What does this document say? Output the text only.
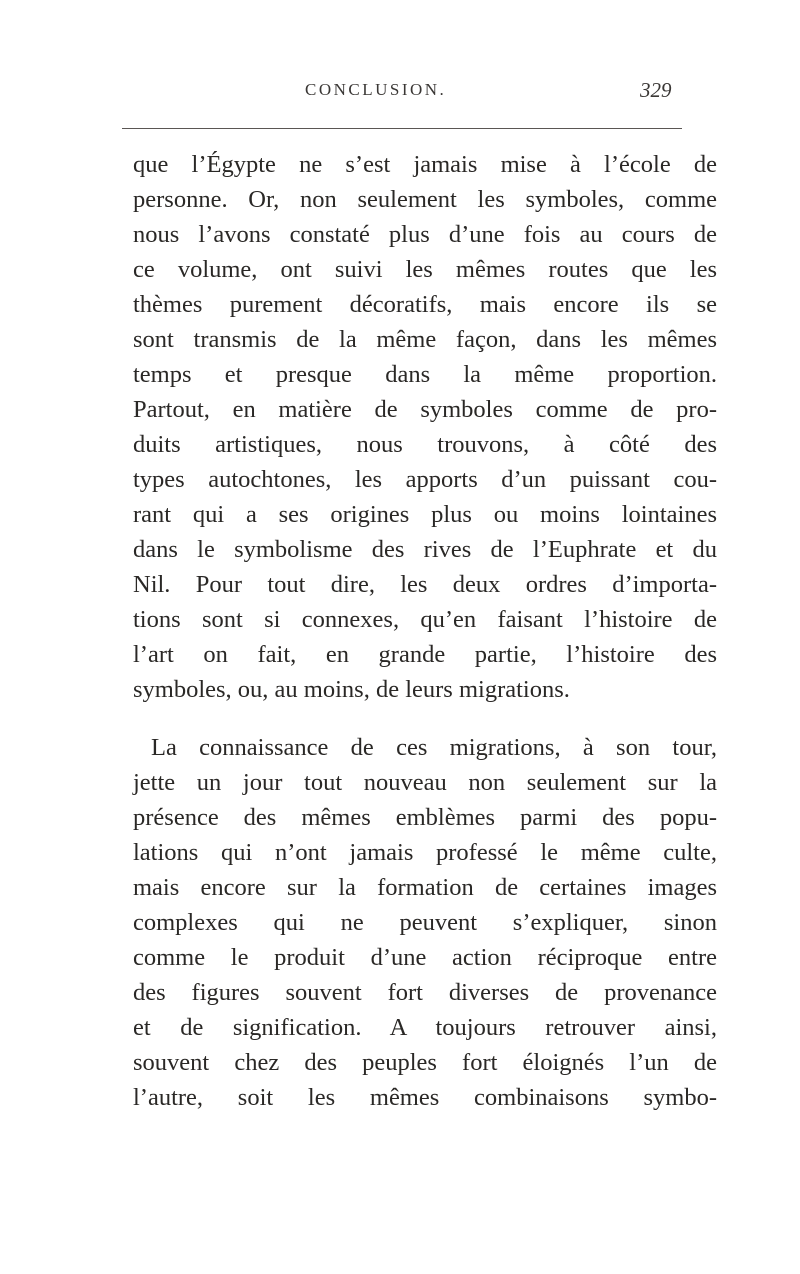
CONCLUSION.	329
que l’Égypte ne s’est jamais mise à l’école de
personne. Or, non seulement les symboles, comme
nous l’avons constaté plus d’une fois au cours de
ce volume, ont suivi les mêmes routes que les
thèmes purement décoratifs, mais encore ils se
sont transmis de la même façon, dans les mêmes
temps et presque dans la même proportion.
Partout, en matière de symboles comme de pro-
duits artistiques, nous trouvons, à côté des
types autochtones, les apports d’un puissant cou-
rant qui a ses origines plus ou moins lointaines
dans le symbolisme des rives de l’Euphrate et du
Nil. Pour tout dire, les deux ordres d’importa-
tions sont si connexes, qu’en faisant l’histoire de
l’art on fait, en grande partie, l’histoire des
symboles, ou, au moins, de leurs migrations.
La connaissance de ces migrations, à son tour,
jette un jour tout nouveau non seulement sur la
présence des mêmes emblèmes parmi des popu-
lations qui n’ont jamais professé le même culte,
mais encore sur la formation de certaines images
complexes qui ne peuvent s’expliquer, sinon
comme le produit d’une action réciproque entre
des figures souvent fort diverses de provenance
et de signification. A toujours retrouver ainsi,
souvent chez des peuples fort éloignés l’un de
l’autre, soit les mêmes combinaisons symbo-
